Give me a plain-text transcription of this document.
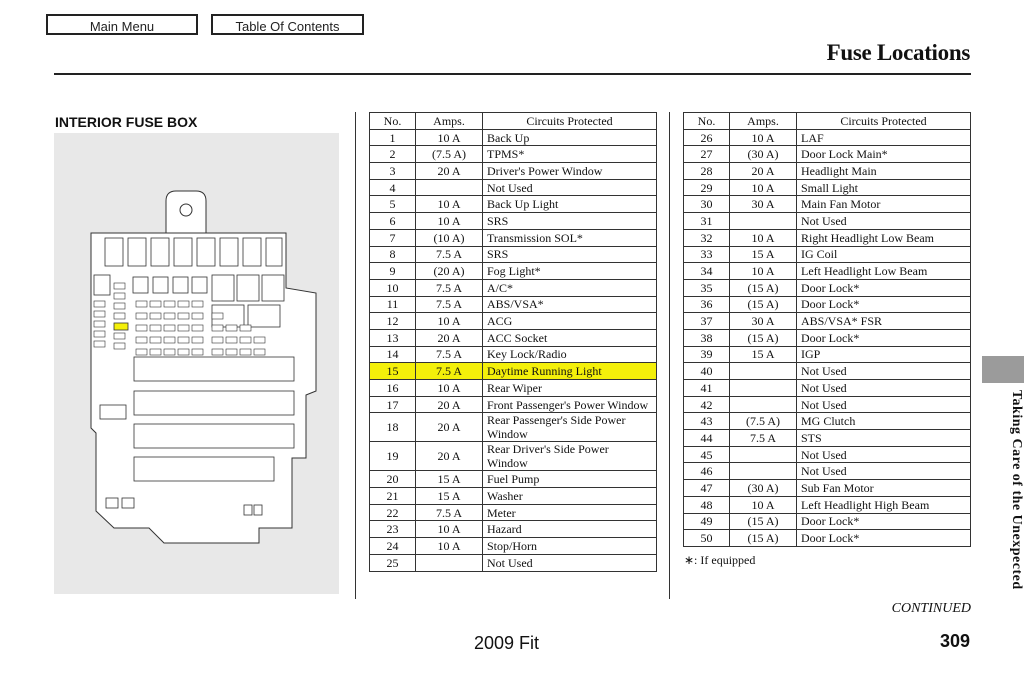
Main Menu	Table Of Contents
Fuse Locations
INTERIOR FUSE BOX	No.	Amps.	Circuits Protected
1	10 A	Back Up
2	(7.5 A)	TPMS*
3	20 A	Driver's Power Window
4		Not Used
5	10 A	Back Up Light
6	10 A	SRS
7	(10 A)	Transmission SOL*
8	7.5 A	SRS
9	(20 A)	Fog Light*
10	7.5 A	A/C*
11	7.5 A	ABS/VSA*
12	10 A	ACG
13	20 A	ACC Socket
14	7.5 A	Key Lock/Radio
15	7.5 A	Daytime Running Light
16	10 A	Rear Wiper
17	20 A	Front Passenger's Power Window
18	20 A	Rear Passenger's Side Power Window
19	20 A	Rear Driver's Side Power Window
20	15 A	Fuel Pump
21	15 A	Washer
22	7.5 A	Meter
23	10 A	Hazard
24	10 A	Stop/Horn
25		Not Used
No.	Amps.	Circuits Protected
26	10 A	LAF
27	(30 A)	Door Lock Main*
28	20 A	Headlight Main
29	10 A	Small Light
30	30 A	Main Fan Motor
31		Not Used
32	10 A	Right Headlight Low Beam
33	15 A	IG Coil
34	10 A	Left Headlight Low Beam
35	(15 A)	Door Lock*
36	(15 A)	Door Lock*
37	30 A	ABS/VSA* FSR
38	(15 A)	Door Lock*
39	15 A	IGP
40		Not Used
41		Not Used
42		Not Used
43	(7.5 A)	MG Clutch
44	7.5 A	STS
45		Not Used
46		Not Used
47	(30 A)	Sub Fan Motor
48	10 A	Left Headlight High Beam
49	(15 A)	Door Lock*
50	(15 A)	Door Lock*
∗: If equipped	Taking Care of the Unexpected
CONTINUED
2009 Fit	309
